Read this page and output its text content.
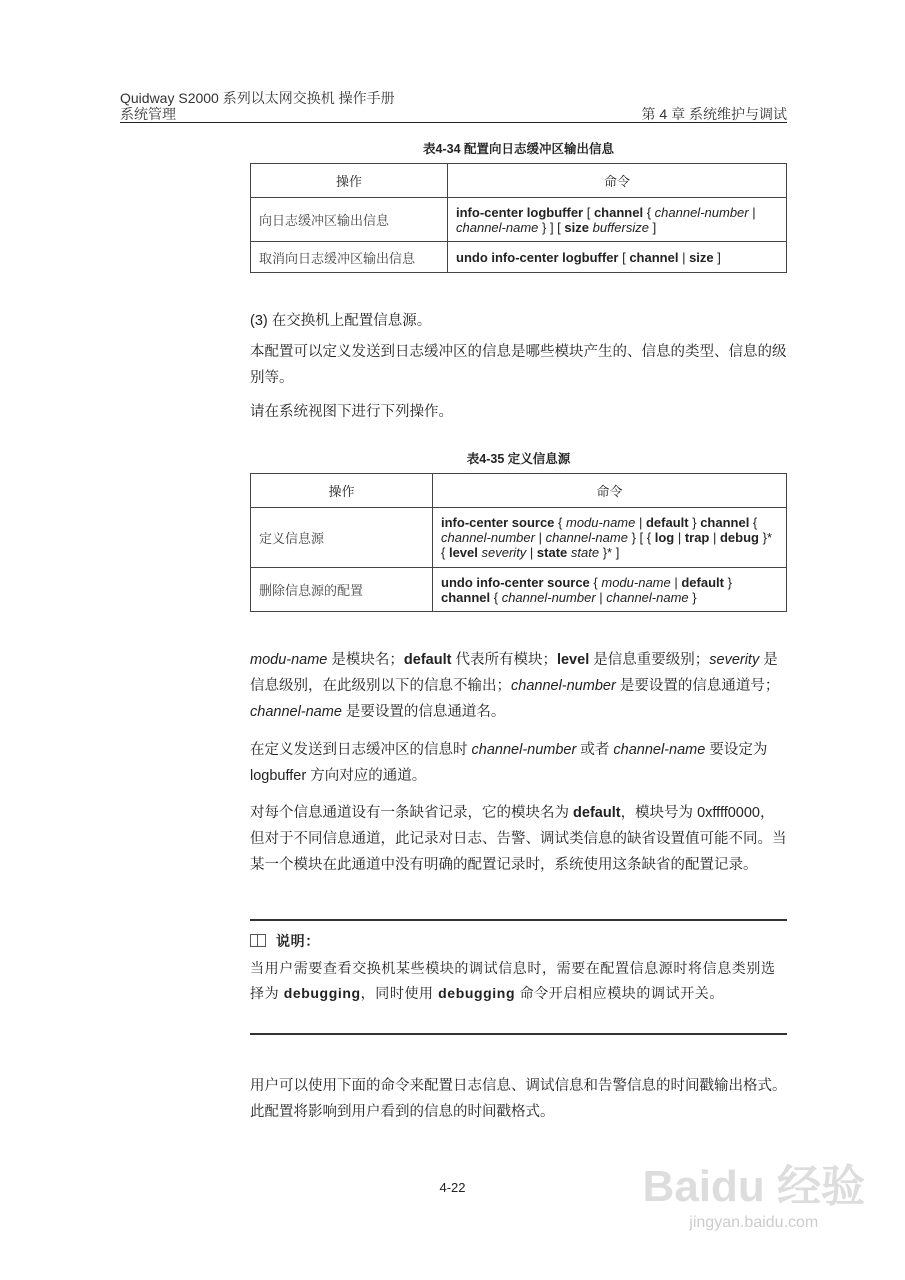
Quidway S2000 系列以太网交换机 操作手册
系统管理	第 4 章 系统维护与调试
表4-34 配置向日志缓冲区输出信息
操作	命令
向日志缓冲区输出信息	info-center logbuffer [ channel { channel-number | channel-name } ] [ size buffersize ]
取消向日志缓冲区输出信息	undo info-center logbuffer [ channel | size ]
(3) 在交换机上配置信息源。
本配置可以定义发送到日志缓冲区的信息是哪些模块产生的、信息的类型、信息的级别等。
请在系统视图下进行下列操作。
表4-35 定义信息源
操作	命令
定义信息源	info-center source { modu-name | default } channel { channel-number | channel-name } [ { log | trap | debug }* { level severity | state state }* ]
删除信息源的配置	undo info-center source { modu-name | default } channel { channel-number | channel-name }
modu-name 是模块名；default 代表所有模块；level 是信息重要级别；severity 是信息级别，在此级别以下的信息不输出；channel-number 是要设置的信息通道号；channel-name 是要设置的信息通道名。
在定义发送到日志缓冲区的信息时 channel-number 或者 channel-name 要设定为 logbuffer 方向对应的通道。
对每个信息通道设有一条缺省记录，它的模块名为 default，模块号为 0xffff0000，但对于不同信息通道，此记录对日志、告警、调试类信息的缺省设置值可能不同。当某一个模块在此通道中没有明确的配置记录时，系统使用这条缺省的配置记录。
说明：
当用户需要查看交换机某些模块的调试信息时，需要在配置信息源时将信息类别选择为 debugging，同时使用 debugging 命令开启相应模块的调试开关。
用户可以使用下面的命令来配置日志信息、调试信息和告警信息的时间戳输出格式。此配置将影响到用户看到的信息的时间戳格式。
4-22	Baidu 经验
jingyan.baidu.com
